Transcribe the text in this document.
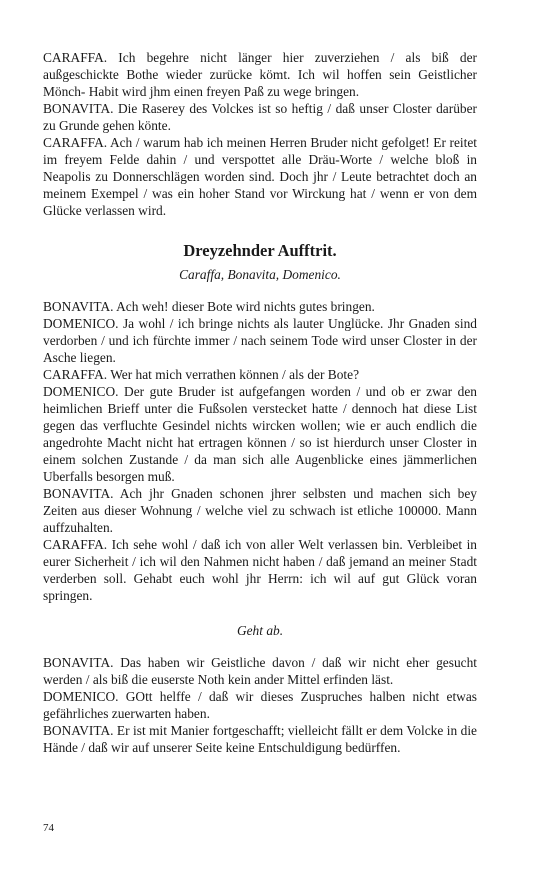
CARAFFA. Ich begehre nicht länger hier zuverziehen / als biß der außgeschickte Bothe wieder zurücke kömt. Ich wil hoffen sein Geistlicher Mönch- Habit wird jhm einen freyen Paß zu wege bringen.

BONAVITA. Die Raserey des Volckes ist so heftig / daß unser Closter darüber zu Grunde gehen könte.

CARAFFA. Ach / warum hab ich meinen Herren Bruder nicht gefolget! Er reitet im freyem Felde dahin / und verspottet alle Dräu-Worte / welche bloß in Neapolis zu Donnerschlägen worden sind. Doch jhr / Leute betrachtet doch an meinem Exempel / was ein hoher Stand vor Wirckung hat / wenn er von dem Glücke verlassen wird.

Dreyzehnder Aufftrit.
Caraffa, Bonavita, Domenico.

BONAVITA. Ach weh! dieser Bote wird nichts gutes bringen.

DOMENICO. Ja wohl / ich bringe nichts als lauter Unglücke. Jhr Gnaden sind verdorben / und ich fürchte immer / nach seinem Tode wird unser Closter in der Asche liegen.

CARAFFA. Wer hat mich verrathen können / als der Bote?

DOMENICO. Der gute Bruder ist aufgefangen worden / und ob er zwar den heimlichen Brieff unter die Fußsolen verstecket hatte / dennoch hat diese List gegen das verfluchte Gesindel nichts wircken wollen; wie er auch endlich die angedrohte Macht nicht hat ertragen können / so ist hierdurch unser Closter in einem solchen Zustande / da man sich alle Augenblicke eines jämmerlichen Uberfalls besorgen muß.

BONAVITA. Ach jhr Gnaden schonen jhrer selbsten und machen sich bey Zeiten aus dieser Wohnung / welche viel zu schwach ist etliche 100000. Mann auffzuhalten.

CARAFFA. Ich sehe wohl / daß ich von aller Welt verlassen bin. Verbleibet in eurer Sicherheit / ich wil den Nahmen nicht haben / daß jemand an meiner Stadt verderben soll. Gehabt euch wohl jhr Herrn: ich wil auf gut Glück voran springen.

Geht ab.

BONAVITA. Das haben wir Geistliche davon / daß wir nicht eher gesucht werden / als biß die euserste Noth kein ander Mittel erfinden läst.

DOMENICO. GOtt helffe / daß wir dieses Zuspruches halben nicht etwas gefährliches zuerwarten haben.

BONAVITA. Er ist mit Manier fortgeschafft; vielleicht fällt er dem Volcke in die Hände / daß wir auf unserer Seite keine Entschuldigung bedürffen.

74
